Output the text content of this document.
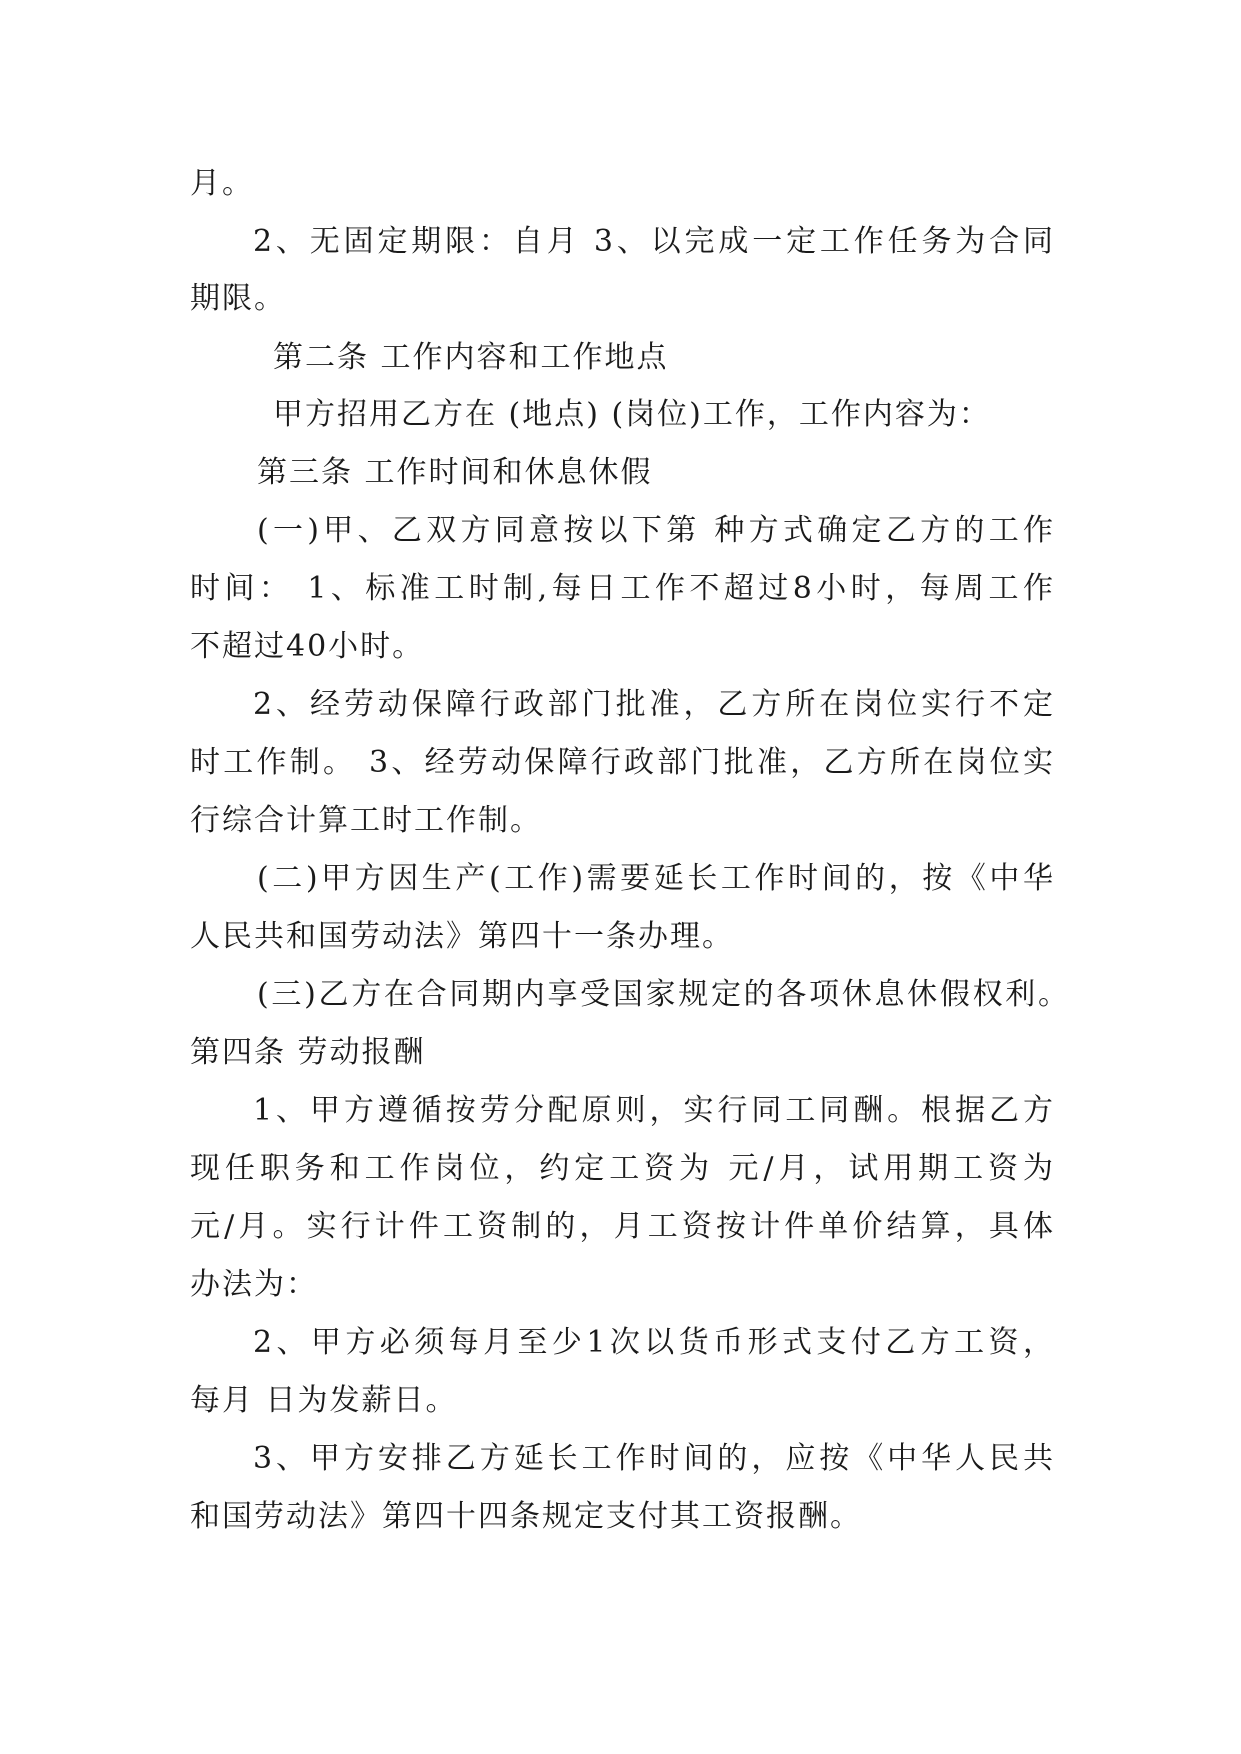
月。
2、无固定期限：自月 3、以完成一定工作任务为合同
期限。
第二条 工作内容和工作地点
甲方招用乙方在 (地点) (岗位)工作，工作内容为：
第三条 工作时间和休息休假
(一)甲、乙双方同意按以下第 种方式确定乙方的工作
时间： 1、标准工时制,每日工作不超过8小时，每周工作
不超过40小时。
2、经劳动保障行政部门批准，乙方所在岗位实行不定
时工作制。 3、经劳动保障行政部门批准，乙方所在岗位实
行综合计算工时工作制。
(二)甲方因生产(工作)需要延长工作时间的，按《中华
人民共和国劳动法》第四十一条办理。
(三)乙方在合同期内享受国家规定的各项休息休假权利。
第四条 劳动报酬
1、甲方遵循按劳分配原则，实行同工同酬。根据乙方
现任职务和工作岗位，约定工资为 元/月，试用期工资为
元/月。实行计件工资制的，月工资按计件单价结算，具体
办法为：
2、甲方必须每月至少1次以货币形式支付乙方工资，
每月 日为发薪日。
3、甲方安排乙方延长工作时间的，应按《中华人民共
和国劳动法》第四十四条规定支付其工资报酬。
